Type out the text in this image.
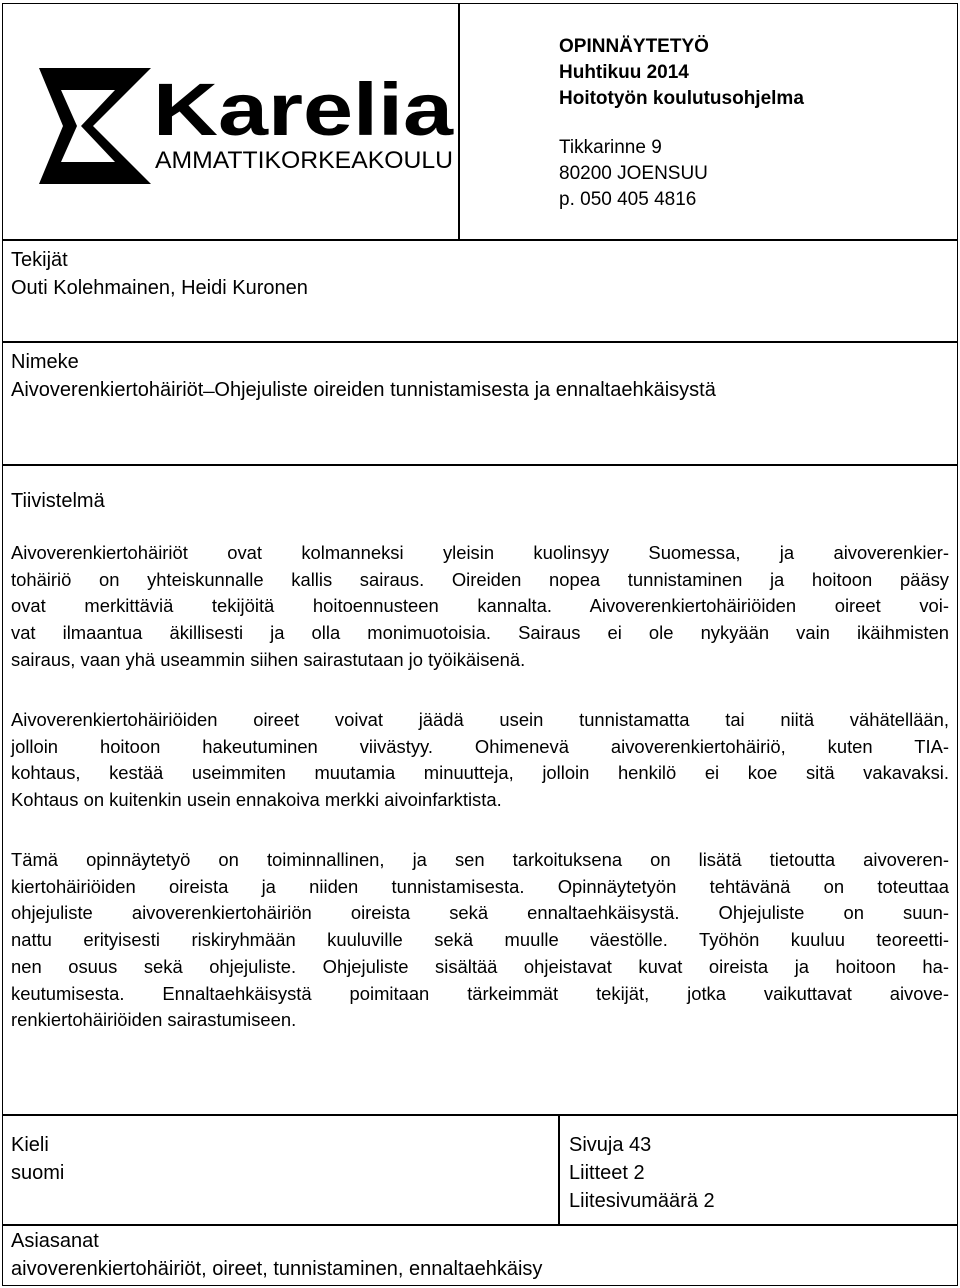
Karelia
AMMATTIKORKEAKOULU
OPINNÄYTETYÖ
Huhtikuu 2014
Hoitotyön koulutusohjelma
Tikkarinne 9
80200 JOENSUU
p. 050 405 4816
Tekijät
Outi Kolehmainen, Heidi Kuronen
Nimeke
Aivoverenkiertohäiriöt ̶ Ohjejuliste oireiden tunnistamisesta ja ennaltaehkäisystä
Tiivistelmä
Aivoverenkiertohäiriöt ovat kolmanneksi yleisin kuolinsyy Suomessa, ja aivoverenkier-
tohäiriö on yhteiskunnalle kallis sairaus. Oireiden nopea tunnistaminen ja hoitoon pääsy
ovat merkittäviä tekijöitä hoitoennusteen kannalta. Aivoverenkiertohäiriöiden oireet voi-
vat ilmaantua äkillisesti ja olla monimuotoisia. Sairaus ei ole nykyään vain ikäihmisten
sairaus, vaan yhä useammin siihen sairastutaan jo työikäisenä.
Aivoverenkiertohäiriöiden oireet voivat jäädä usein tunnistamatta tai niitä vähätellään,
jolloin hoitoon hakeutuminen viivästyy. Ohimenevä aivoverenkiertohäiriö, kuten TIA-
kohtaus, kestää useimmiten muutamia minuutteja, jolloin henkilö ei koe sitä vakavaksi.
Kohtaus on kuitenkin usein ennakoiva merkki aivoinfarktista.
Tämä opinnäytetyö on toiminnallinen, ja sen tarkoituksena on lisätä tietoutta aivoveren-
kiertohäiriöiden oireista ja niiden tunnistamisesta. Opinnäytetyön tehtävänä on toteuttaa
ohjejuliste aivoverenkiertohäiriön oireista sekä ennaltaehkäisystä. Ohjejuliste on suun-
nattu erityisesti riskiryhmään kuuluville sekä muulle väestölle. Työhön kuuluu teoreetti-
nen osuus sekä ohjejuliste. Ohjejuliste sisältää ohjeistavat kuvat oireista ja hoitoon ha-
keutumisesta. Ennaltaehkäisystä poimitaan tärkeimmät tekijät, jotka vaikuttavat aivove-
renkiertohäiriöiden sairastumiseen.
Kieli
suomi
Sivuja 43
Liitteet 2
Liitesivumäärä 2
Asiasanat
aivoverenkiertohäiriöt, oireet, tunnistaminen, ennaltaehkäisy
